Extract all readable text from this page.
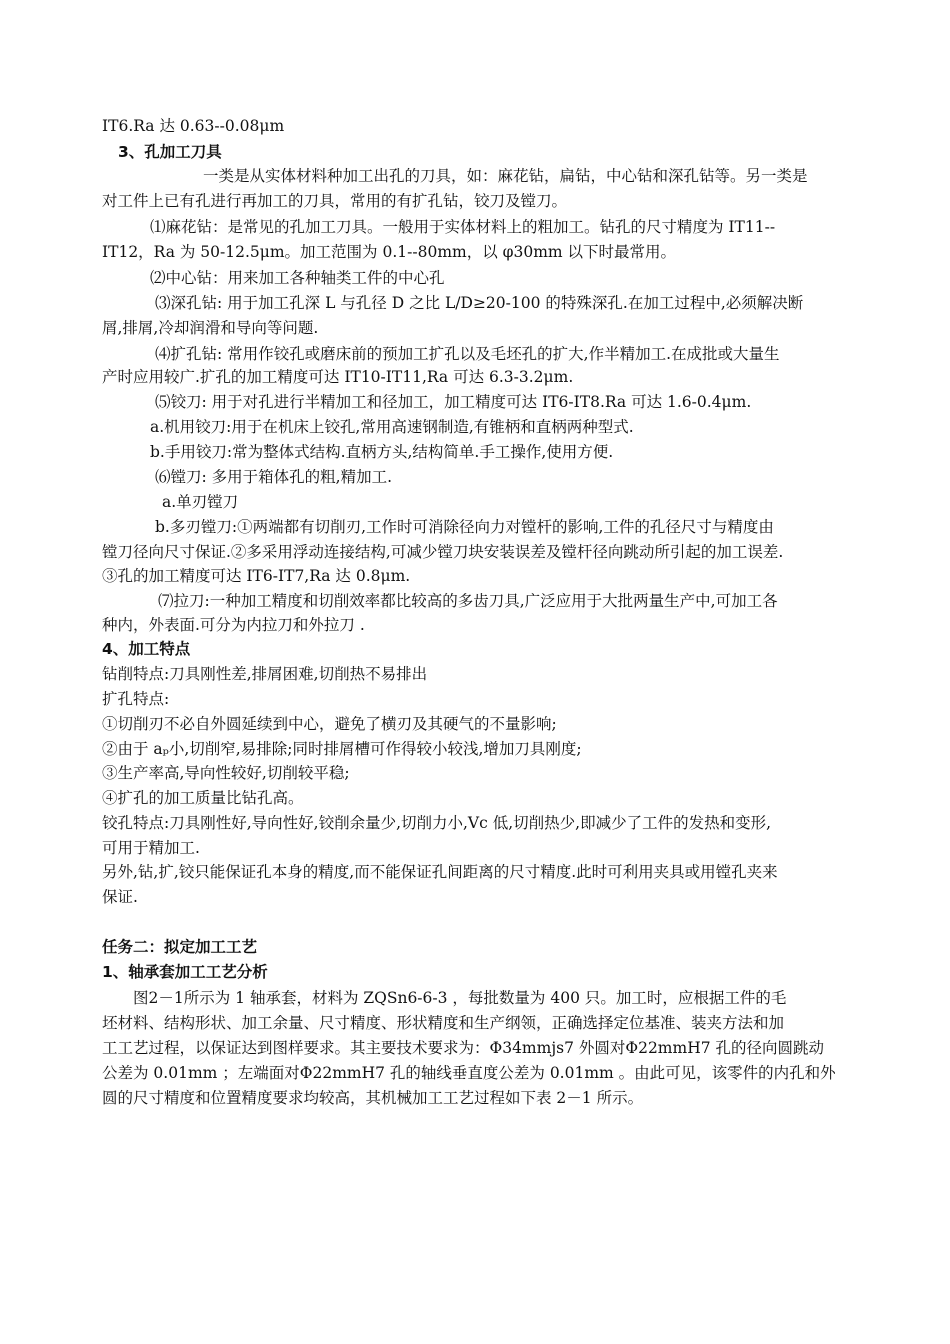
IT6.Ra 达 0.63--0.08μm
3、孔加工刀具
一类是从实体材料种加工出孔的刀具，如：麻花钻，扁钻，中心钻和深孔钻等。另一类是
对工件上已有孔进行再加工的刀具，常用的有扩孔钻，铰刀及镗刀。
⑴麻花钻：是常见的孔加工刀具。一般用于实体材料上的粗加工。钻孔的尺寸精度为 IT11--
IT12，Ra 为 50-12.5μm。加工范围为 0.1--80mm，以 φ30mm 以下时最常用。
⑵中心钻：用来加工各种轴类工件的中心孔
⑶深孔钻: 用于加工孔深 L 与孔径 D 之比 L/D≥20-100 的特殊深孔.在加工过程中,必须解决断
屑,排屑,冷却润滑和导向等问题.
⑷扩孔钻: 常用作铰孔或磨床前的预加工扩孔以及毛坯孔的扩大,作半精加工.在成批或大量生
产时应用较广.扩孔的加工精度可达 IT10-IT11,Ra 可达 6.3-3.2μm.
⑸铰刀: 用于对孔进行半精加工和径加工，加工精度可达 IT6-IT8.Ra 可达 1.6-0.4μm.
a.机用铰刀:用于在机床上铰孔,常用高速钢制造,有锥柄和直柄两种型式.
b.手用铰刀:常为整体式结构.直柄方头,结构简单.手工操作,使用方便.
⑹镗刀: 多用于箱体孔的粗,精加工.
a.单刃镗刀
b.多刃镗刀:①两端都有切削刃,工作时可消除径向力对镗杆的影响,工件的孔径尺寸与精度由
镗刀径向尺寸保证.②多采用浮动连接结构,可减少镗刀块安装误差及镗杆径向跳动所引起的加工误差.
③孔的加工精度可达 IT6-IT7,Ra 达 0.8μm.
⑺拉刀:一种加工精度和切削效率都比较高的多齿刀具,广泛应用于大批两量生产中,可加工各
种内，外表面.可分为内拉刀和外拉刀 .
4、加工特点
钻削特点:刀具刚性差,排屑困难,切削热不易排出
扩孔特点:
①切削刃不必自外圆延续到中心，避免了横刃及其硬气的不量影响;
②由于 aₚ小,切削窄,易排除;同时排屑槽可作得较小较浅,增加刀具刚度;
③生产率高,导向性较好,切削较平稳;
④扩孔的加工质量比钻孔高。
铰孔特点:刀具刚性好,导向性好,铰削余量少,切削力小,Vc 低,切削热少,即减少了工件的发热和变形,
可用于精加工.
另外,钻,扩,铰只能保证孔本身的精度,而不能保证孔间距离的尺寸精度.此时可利用夹具或用镗孔夹来
保证.
任务二：拟定加工工艺
1、轴承套加工工艺分析
图2－1所示为 1 轴承套，材料为 ZQSn6-6-3 ，每批数量为 400 只。加工时，应根据工件的毛
坯材料、结构形状、加工余量、尺寸精度、形状精度和生产纲领，正确选择定位基准、装夹方法和加
工工艺过程，以保证达到图样要求。其主要技术要求为：Φ34mmjs7 外圆对Φ22mmH7 孔的径向圆跳动
公差为 0.01mm ；左端面对Φ22mmH7 孔的轴线垂直度公差为 0.01mm 。由此可见，该零件的内孔和外
圆的尺寸精度和位置精度要求均较高，其机械加工工艺过程如下表 2－1 所示。
